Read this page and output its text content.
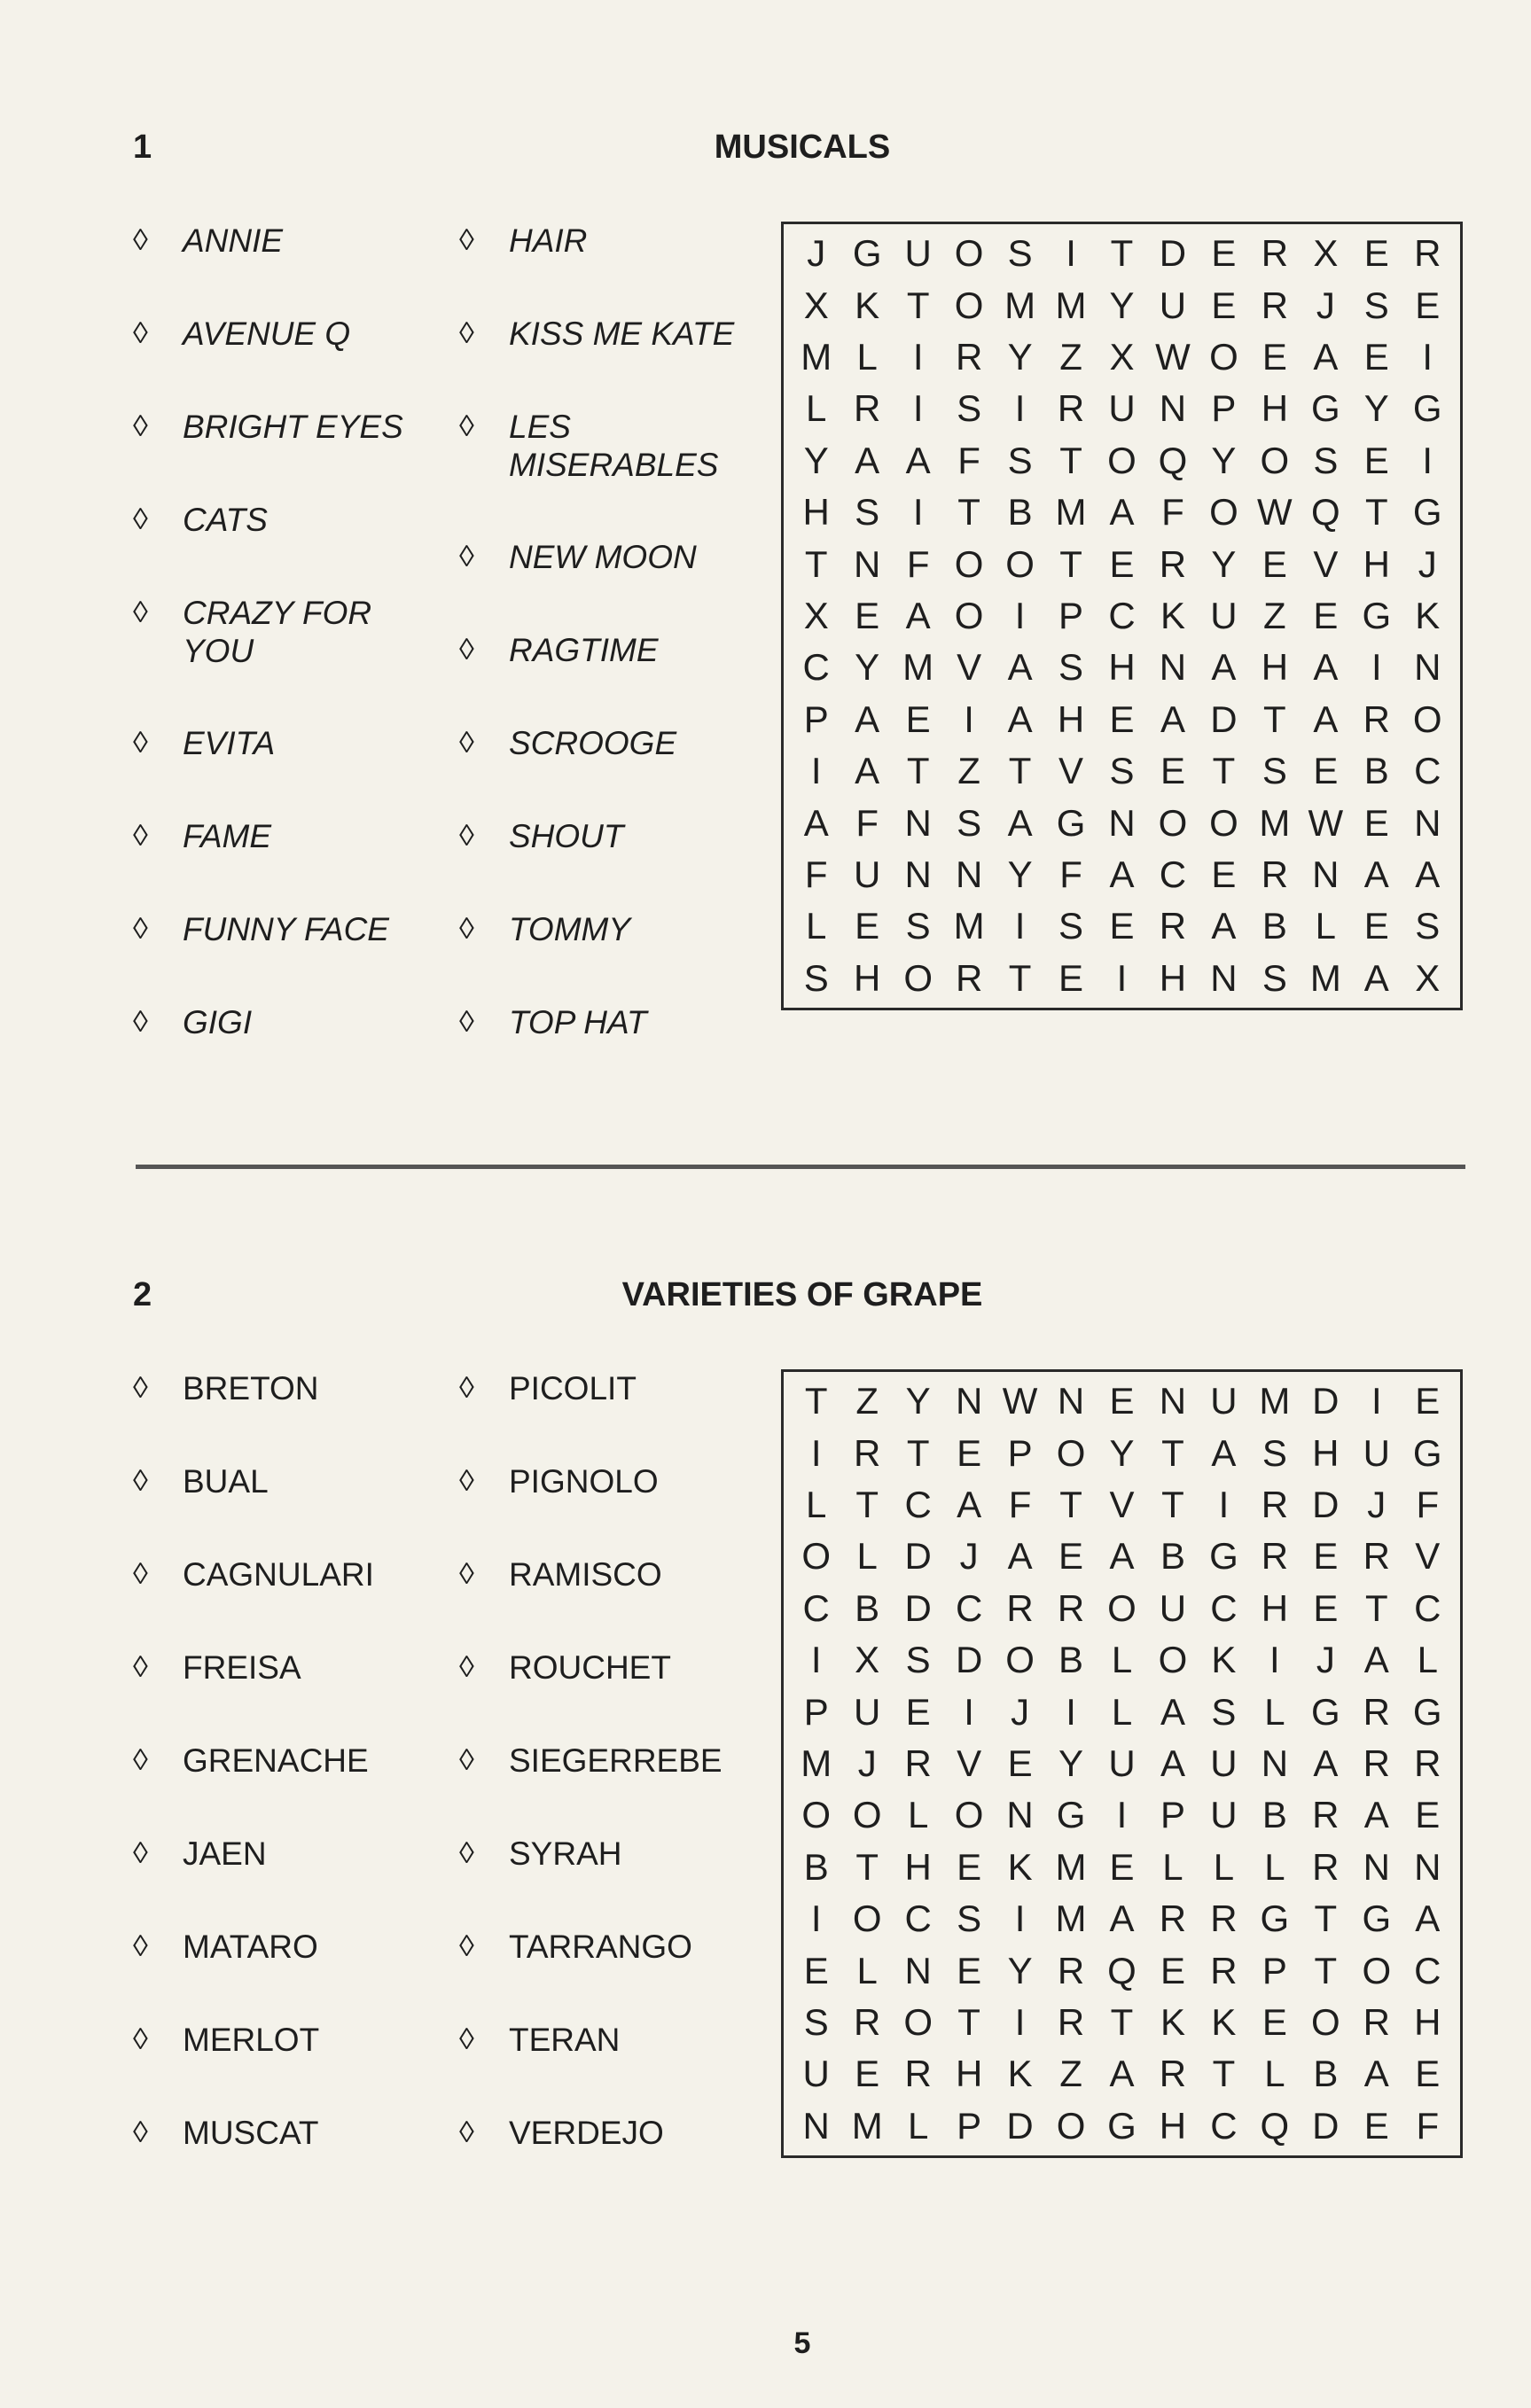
1	MUSICALS
◊	ANNIE
◊	AVENUE Q
◊	BRIGHT EYES
◊	CATS
◊	CRAZY FOR YOU
◊	EVITA
◊	FAME
◊	FUNNY FACE
◊	GIGI
◊	HAIR
◊	KISS ME KATE
◊	LES MISERABLES
◊	NEW MOON
◊	RAGTIME
◊	SCROOGE
◊	SHOUT
◊	TOMMY
◊	TOP HAT
J G U O S I T D E R X E R
X K T O M M Y U E R J S E
M L I R Y Z X W O E A E I
L R I S I R U N P H G Y G
Y A A F S T O Q Y O S E I
H S I T B M A F O W Q T G
T N F O O T E R Y E V H J
X E A O I P C K U Z E G K
C Y M V A S H N A H A I N
P A E I A H E A D T A R O
I A T Z T V S E T S E B C
A F N S A G N O O M W E N
F U N N Y F A C E R N A A
L E S M I S E R A B L E S
S H O R T E I H N S M A X
2	VARIETIES OF GRAPE
◊	BRETON
◊	BUAL
◊	CAGNULARI
◊	FREISA
◊	GRENACHE
◊	JAEN
◊	MATARO
◊	MERLOT
◊	MUSCAT
◊	PICOLIT
◊	PIGNOLO
◊	RAMISCO
◊	ROUCHET
◊	SIEGERREBE
◊	SYRAH
◊	TARRANGO
◊	TERAN
◊	VERDEJO
T Z Y N W N E N U M D I E
I R T E P O Y T A S H U G
L T C A F T V T I R D J F
O L D J A E A B G R E R V
C B D C R R O U C H E T C
I X S D O B L O K I J A L
P U E I J I L A S L G R G
M J R V E Y U A U N A R R
O O L O N G I P U B R A E
B T H E K M E L L L R N N
I O C S I M A R R G T G A
E L N E Y R Q E R P T O C
S R O T I R T K K E O R H
U E R H K Z A R T L B A E
N M L P D O G H C Q D E F
5
